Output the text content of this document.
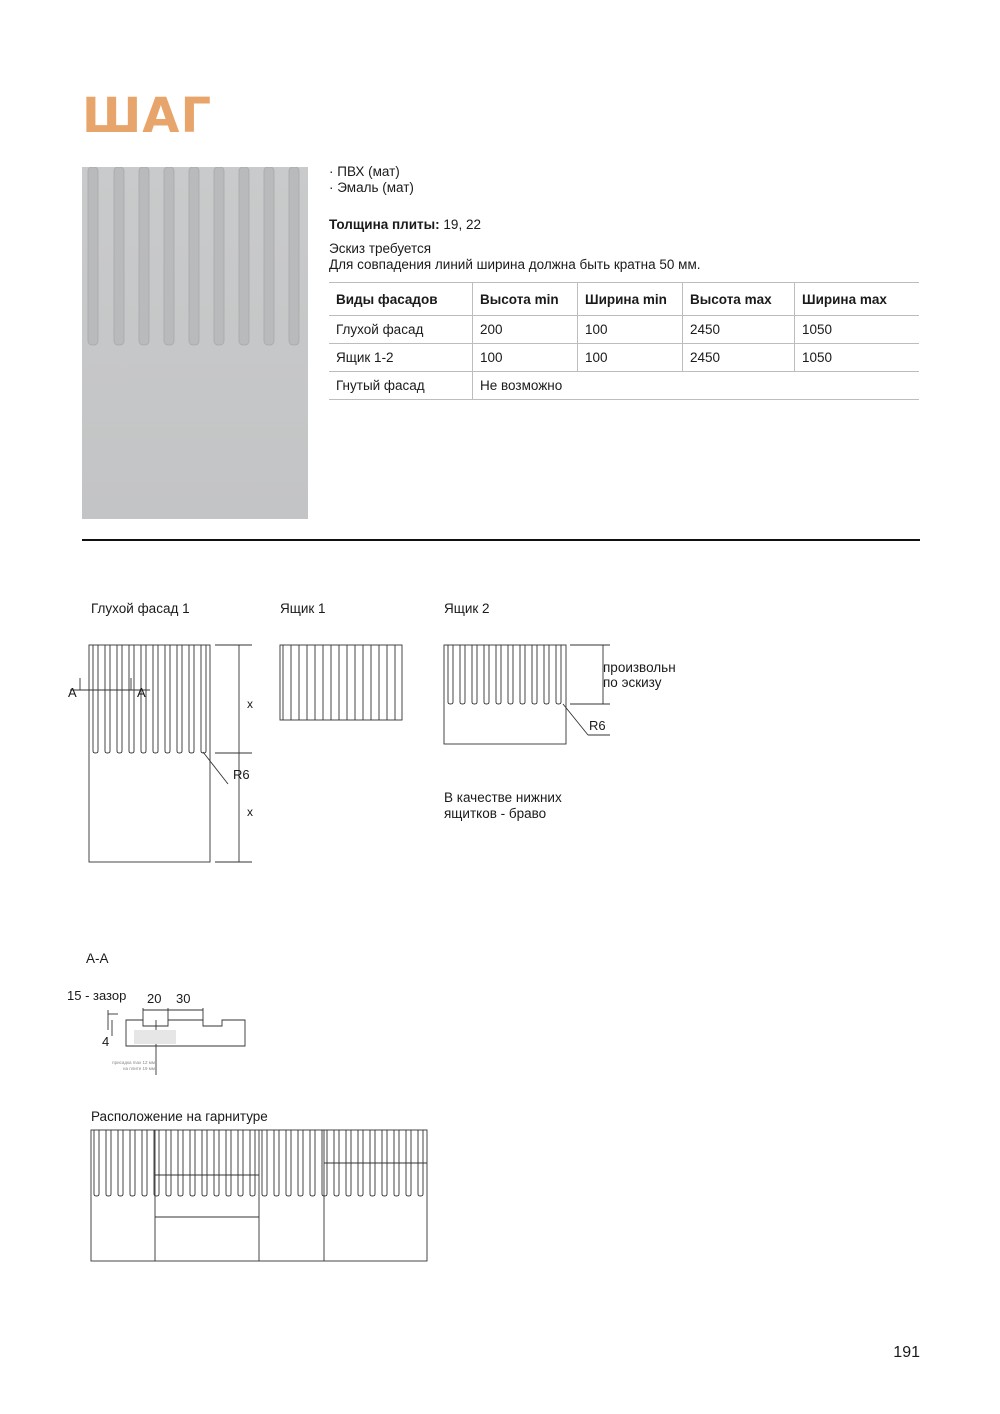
ШАГ
· ПВХ (мат)
· Эмаль (мат)
Толщина плиты: 19, 22
Эскиз требуется
Для совпадения линий ширина должна быть кратна 50 мм.
Виды фасадов	Высота min	Ширина min	Высота max	Ширина max
Глухой фасад	200	100	2450	1050
Ящик 1-2	100	100	2450	1050
Гнутый фасад	Не возможно			
Глухой фасад 1	Ящик 1	Ящик 2
произвольн
по эскизу
В качестве нижних
ящитков - браво
A-A
Расположение на гарнитуре
A	A
x
x
R6
R6
15 - зазор 20 30
4
присадка max 12 мм
на плите 19 мм
191
